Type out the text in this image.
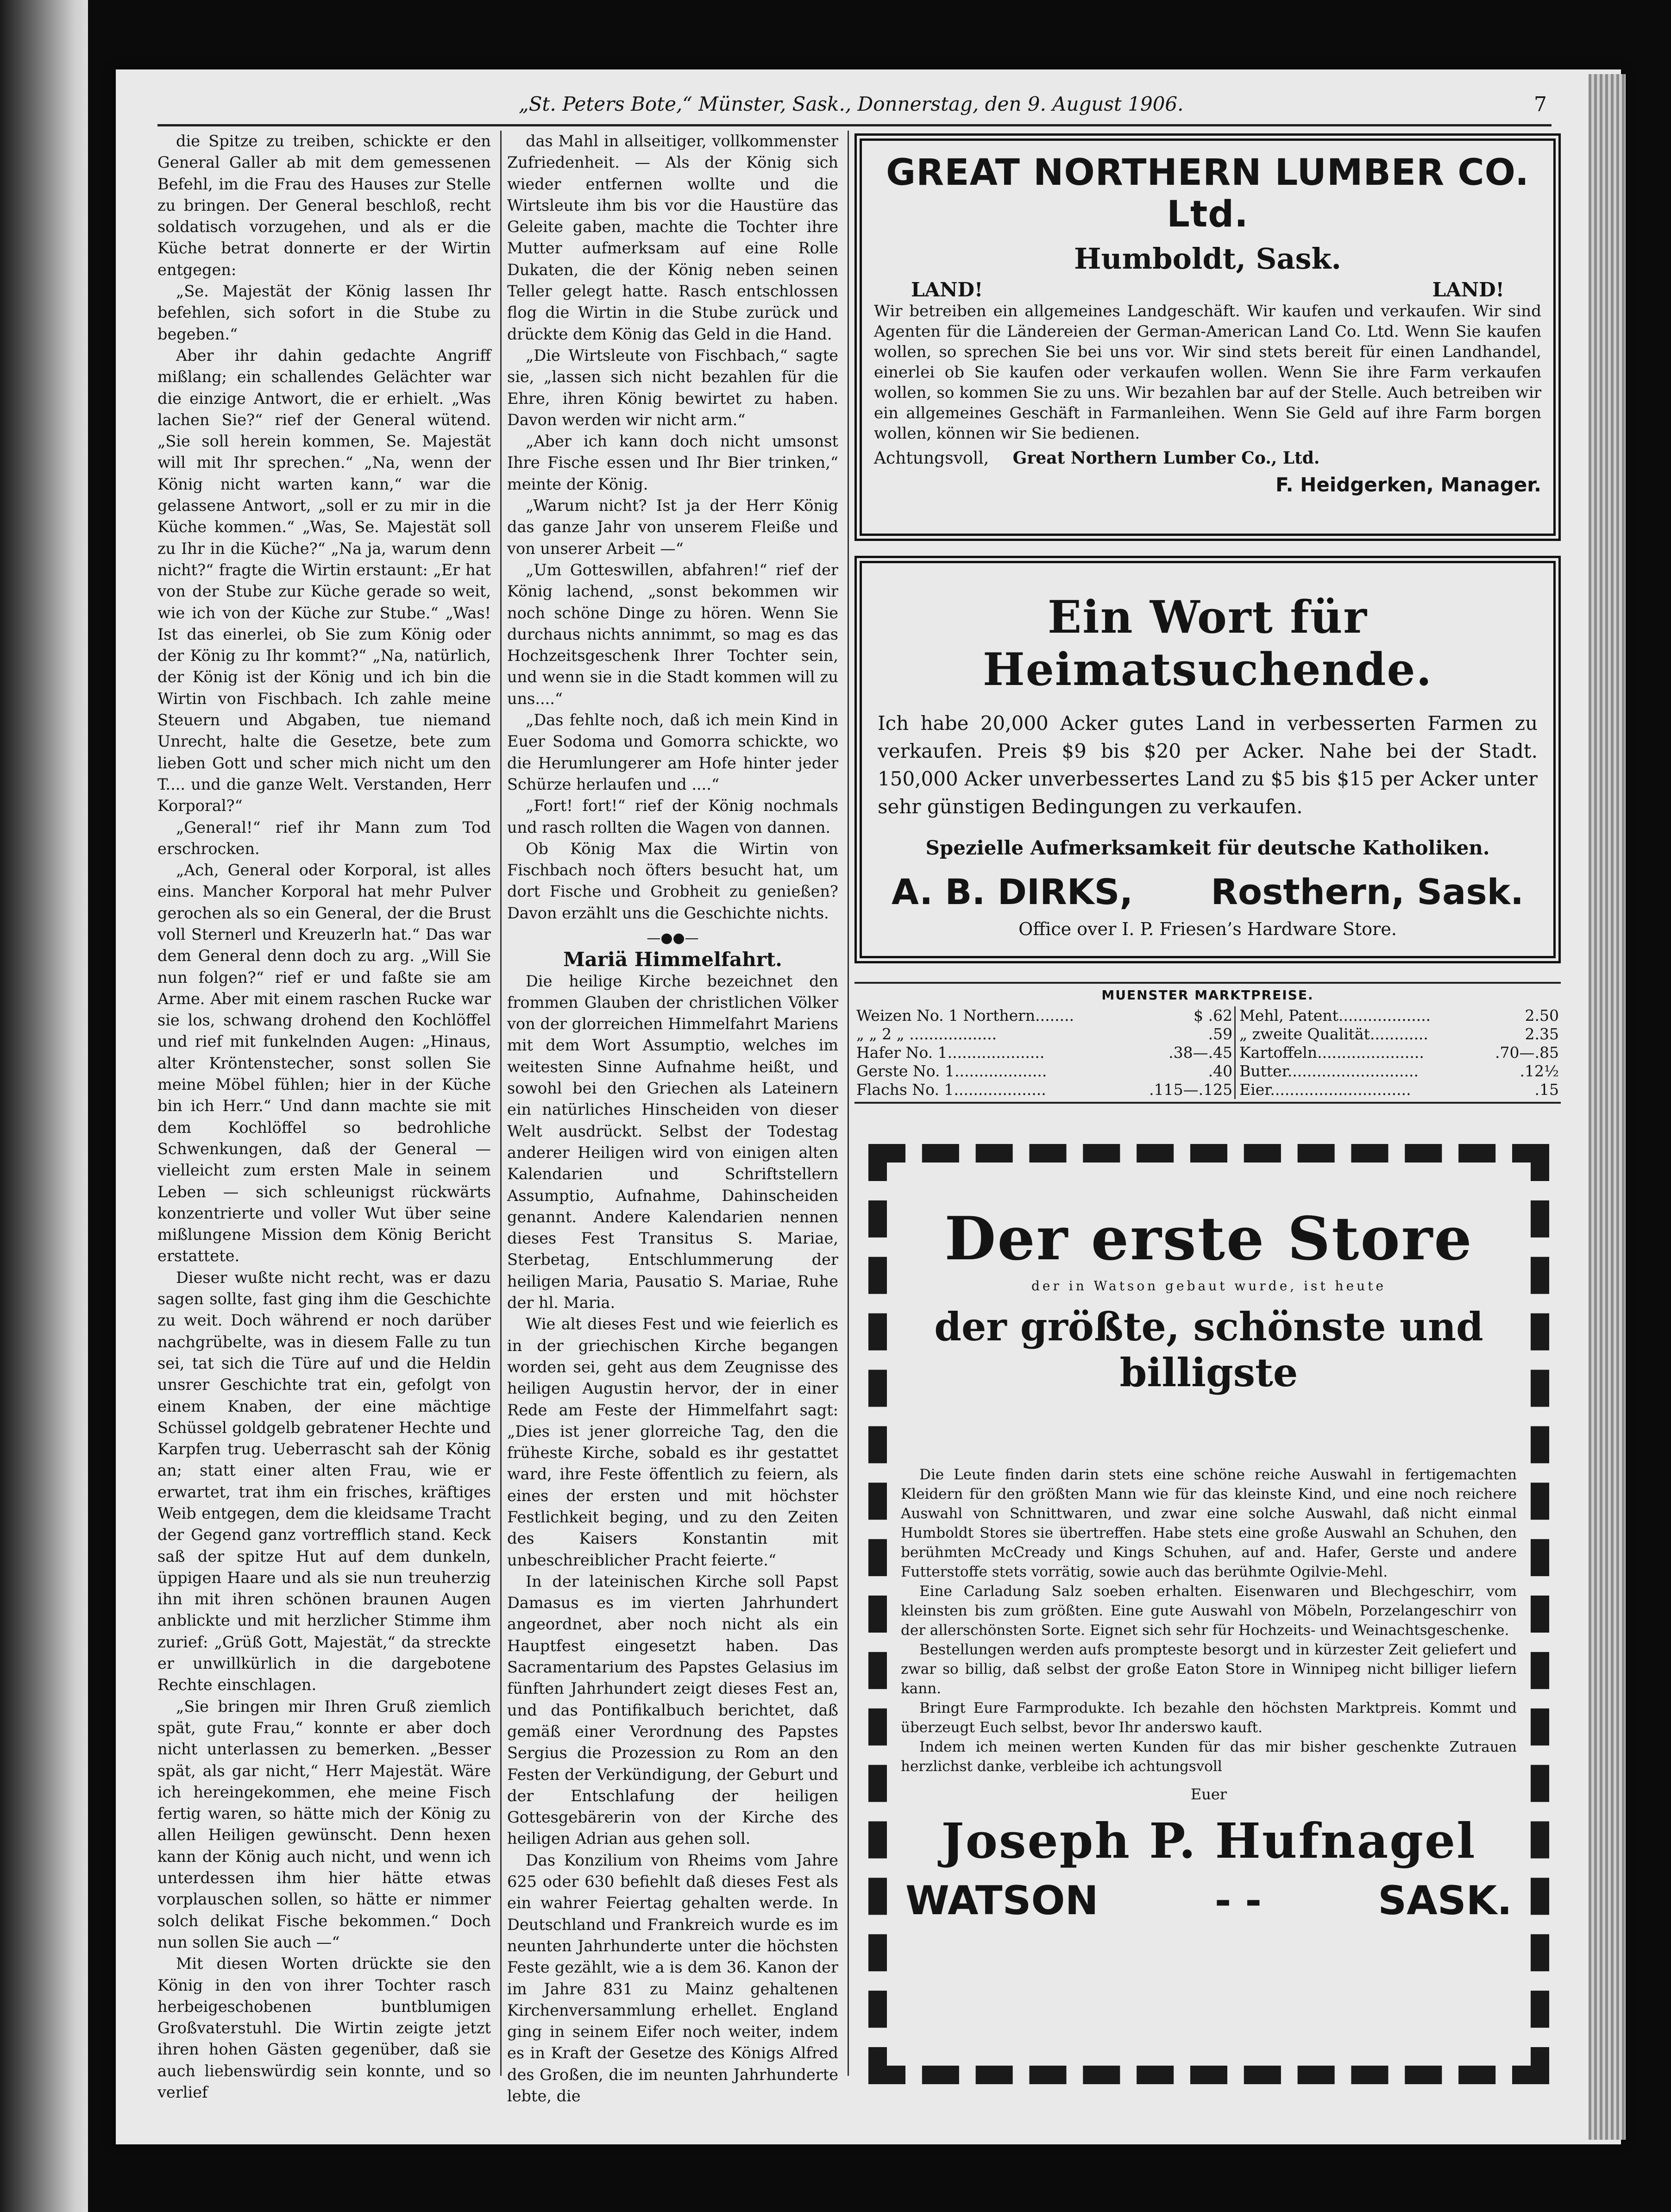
„St. Peters Bote,“ Münster, Sask., Donnerstag, den 9. August 1906.	7

die Spitze zu treiben, schickte er den General Galler ab mit dem gemessenen Befehl, im die Frau des Hauses zur Stelle zu bringen. Der General beschloß, recht soldatisch vorzugehen, und als er die Küche betrat donnerte er der Wirtin entgegen:

„Se. Majestät der König lassen Ihr befehlen, sich sofort in die Stube zu begeben.“

Aber ihr dahin gedachte Angriff mißlang; ein schallendes Gelächter war die einzige Antwort, die er erhielt. „Was lachen Sie?“ rief der General wütend. „Sie soll herein kommen, Se. Majestät will mit Ihr sprechen.“ „Na, wenn der König nicht warten kann,“ war die gelassene Antwort, „soll er zu mir in die Küche kommen.“ „Was, Se. Majestät soll zu Ihr in die Küche?“ „Na ja, warum denn nicht?“ fragte die Wirtin erstaunt: „Er hat von der Stube zur Küche gerade so weit, wie ich von der Küche zur Stube.“ „Was! Ist das einerlei, ob Sie zum König oder der König zu Ihr kommt?“ „Na, natürlich, der König ist der König und ich bin die Wirtin von Fischbach. Ich zahle meine Steuern und Abgaben, tue niemand Unrecht, halte die Gesetze, bete zum lieben Gott und scher mich nicht um den T.... und die ganze Welt. Verstanden, Herr Korporal?“

„General!“ rief ihr Mann zum Tod erschrocken.

„Ach, General oder Korporal, ist alles eins. Mancher Korporal hat mehr Pulver gerochen als so ein General, der die Brust voll Sternerl und Kreuzerln hat.“ Das war dem General denn doch zu arg. „Will Sie nun folgen?“ rief er und faßte sie am Arme. Aber mit einem raschen Rucke war sie los, schwang drohend den Kochlöffel und rief mit funkelnden Augen: „Hinaus, alter Kröntenstecher, sonst sollen Sie meine Möbel fühlen; hier in der Küche bin ich Herr.“ Und dann machte sie mit dem Kochlöffel so bedrohliche Schwenkungen, daß der General — vielleicht zum ersten Male in seinem Leben — sich schleunigst rückwärts konzentrierte und voller Wut über seine mißlungene Mission dem König Bericht erstattete.

Dieser wußte nicht recht, was er dazu sagen sollte, fast ging ihm die Geschichte zu weit. Doch während er noch darüber nachgrübelte, was in diesem Falle zu tun sei, tat sich die Türe auf und die Heldin unsrer Geschichte trat ein, gefolgt von einem Knaben, der eine mächtige Schüssel goldgelb gebratener Hechte und Karpfen trug. Ueberrascht sah der König an; statt einer alten Frau, wie er erwartet, trat ihm ein frisches, kräftiges Weib entgegen, dem die kleidsame Tracht der Gegend ganz vortrefflich stand. Keck saß der spitze Hut auf dem dunkeln, üppigen Haare und als sie nun treuherzig ihn mit ihren schönen braunen Augen anblickte und mit herzlicher Stimme ihm zurief: „Grüß Gott, Majestät,“ da streckte er unwillkürlich in die dargebotene Rechte einschlagen.

„Sie bringen mir Ihren Gruß ziemlich spät, gute Frau,“ konnte er aber doch nicht unterlassen zu bemerken. „Besser spät, als gar nicht,“ Herr Majestät. Wäre ich hereingekommen, ehe meine Fisch fertig waren, so hätte mich der König zu allen Heiligen gewünscht. Denn hexen kann der König auch nicht, und wenn ich unterdessen ihm hier hätte etwas vorplauschen sollen, so hätte er nimmer solch delikat Fische bekommen.“ Doch nun sollen Sie auch —“

Mit diesen Worten drückte sie den König in den von ihrer Tochter rasch herbeigeschobenen buntblumigen Großvaterstuhl. Die Wirtin zeigte jetzt ihren hohen Gästen gegenüber, daß sie auch liebenswürdig sein konnte, und so verlief

das Mahl in allseitiger, vollkommenster Zufriedenheit. — Als der König sich wieder entfernen wollte und die Wirtsleute ihm bis vor die Haustüre das Geleite gaben, machte die Tochter ihre Mutter aufmerksam auf eine Rolle Dukaten, die der König neben seinen Teller gelegt hatte. Rasch entschlossen flog die Wirtin in die Stube zurück und drückte dem König das Geld in die Hand.

„Die Wirtsleute von Fischbach,“ sagte sie, „lassen sich nicht bezahlen für die Ehre, ihren König bewirtet zu haben. Davon werden wir nicht arm.“

„Aber ich kann doch nicht umsonst Ihre Fische essen und Ihr Bier trinken,“ meinte der König.

„Warum nicht? Ist ja der Herr König das ganze Jahr von unserem Fleiße und von unserer Arbeit —“

„Um Gotteswillen, abfahren!“ rief der König lachend, „sonst bekommen wir noch schöne Dinge zu hören. Wenn Sie durchaus nichts annimmt, so mag es das Hochzeitsgeschenk Ihrer Tochter sein, und wenn sie in die Stadt kommen will zu uns....“

„Das fehlte noch, daß ich mein Kind in Euer Sodoma und Gomorra schickte, wo die Herumlungerer am Hofe hinter jeder Schürze herlaufen und ....“

„Fort! fort!“ rief der König nochmals und rasch rollten die Wagen von dannen.

Ob König Max die Wirtin von Fischbach noch öfters besucht hat, um dort Fische und Grobheit zu genießen? Davon erzählt uns die Geschichte nichts.

—●●—

Mariä Himmelfahrt.

Die heilige Kirche bezeichnet den frommen Glauben der christlichen Völker von der glorreichen Himmelfahrt Mariens mit dem Wort Assumptio, welches im weitesten Sinne Aufnahme heißt, und sowohl bei den Griechen als Lateinern ein natürliches Hinscheiden von dieser Welt ausdrückt. Selbst der Todestag anderer Heiligen wird von einigen alten Kalendarien und Schriftstellern Assumptio, Aufnahme, Dahinscheiden genannt. Andere Kalendarien nennen dieses Fest Transitus S. Mariae, Sterbetag, Entschlummerung der heiligen Maria, Pausatio S. Mariae, Ruhe der hl. Maria.

Wie alt dieses Fest und wie feierlich es in der griechischen Kirche begangen worden sei, geht aus dem Zeugnisse des heiligen Augustin hervor, der in einer Rede am Feste der Himmelfahrt sagt: „Dies ist jener glorreiche Tag, den die früheste Kirche, sobald es ihr gestattet ward, ihre Feste öffentlich zu feiern, als eines der ersten und mit höchster Festlichkeit beging, und zu den Zeiten des Kaisers Konstantin mit unbeschreiblicher Pracht feierte.“

In der lateinischen Kirche soll Papst Damasus es im vierten Jahrhundert angeordnet, aber noch nicht als ein Hauptfest eingesetzt haben. Das Sacramentarium des Papstes Gelasius im fünften Jahrhundert zeigt dieses Fest an, und das Pontifikalbuch berichtet, daß gemäß einer Verordnung des Papstes Sergius die Prozession zu Rom an den Festen der Verkündigung, der Geburt und der Entschlafung der heiligen Gottesgebärerin von der Kirche des heiligen Adrian aus gehen soll.

Das Konzilium von Rheims vom Jahre 625 oder 630 befiehlt daß dieses Fest als ein wahrer Feiertag gehalten werde. In Deutschland und Frankreich wurde es im neunten Jahrhunderte unter die höchsten Feste gezählt, wie a is dem 36. Kanon der im Jahre 831 zu Mainz gehaltenen Kirchenversammlung erhellet. England ging in seinem Eifer noch weiter, indem es in Kraft der Gesetze des Königs Alfred des Großen, die im neunten Jahrhunderte lebte, die

GREAT NORTHERN LUMBER CO. Ltd.
Humboldt, Sask.
LAND!	LAND!
Wir betreiben ein allgemeines Landgeschäft. Wir kaufen und verkaufen. Wir sind Agenten für die Ländereien der German-American Land Co. Ltd. Wenn Sie kaufen wollen, so sprechen Sie bei uns vor. Wir sind stets bereit für einen Landhandel, einerlei ob Sie kaufen oder verkaufen wollen. Wenn Sie ihre Farm verkaufen wollen, so kommen Sie zu uns. Wir bezahlen bar auf der Stelle. Auch betreiben wir ein allgemeines Geschäft in Farmanleihen. Wenn Sie Geld auf ihre Farm borgen wollen, können wir Sie bedienen.
Achtungsvoll, Great Northern Lumber Co., Ltd.
F. Heidgerken, Manager.
Ein Wort für Heimatsuchende.
Ich habe 20,000 Acker gutes Land in verbesserten Farmen zu verkaufen. Preis $9 bis $20 per Acker. Nahe bei der Stadt. 150,000 Acker unverbessertes Land zu $5 bis $15 per Acker unter sehr günstigen Bedingungen zu verkaufen.
Spezielle Aufmerksamkeit für deutsche Katholiken.
A. B. DIRKS, Rosthern, Sask.
Office over I. P. Friesen’s Hardware Store.
MUENSTER MARKTPREISE.
Weizen No. 1 Northern........	$ .62		Mehl, Patent...................	2.50
„ „ 2 „ ..................	.59		„ zweite Qualität............	2.35
Hafer No. 1....................	.38—.45		Kartoffeln......................	.70—.85
Gerste No. 1...................	.40		Butter...........................	.12½
Flachs No. 1...................	.115—.125		Eier.............................	.15
Der erste Store
der in Watson gebaut wurde, ist heute
der größte, schönste und billigste

Die Leute finden darin stets eine schöne reiche Auswahl in fertigemachten Kleidern für den größten Mann wie für das kleinste Kind, und eine noch reichere Auswahl von Schnittwaren, und zwar eine solche Auswahl, daß nicht einmal Humboldt Stores sie übertreffen. Habe stets eine große Auswahl an Schuhen, den berühmten McCready und Kings Schuhen, auf and. Hafer, Gerste und andere Futterstoffe stets vorrätig, sowie auch das berühmte Ogilvie-Mehl.

Eine Carladung Salz soeben erhalten. Eisenwaren und Blechgeschirr, vom kleinsten bis zum größten. Eine gute Auswahl von Möbeln, Porzelangeschirr von der allerschönsten Sorte. Eignet sich sehr für Hochzeits- und Weinachtsgeschenke.

Bestellungen werden aufs prompteste besorgt und in kürzester Zeit geliefert und zwar so billig, daß selbst der große Eaton Store in Winnipeg nicht billiger liefern kann.

Bringt Eure Farmprodukte. Ich bezahle den höchsten Marktpreis. Kommt und überzeugt Euch selbst, bevor Ihr anderswo kauft.

Indem ich meinen werten Kunden für das mir bisher geschenkte Zutrauen herzlichst danke, verbleibe ich achtungsvoll

Euer
Joseph P. Hufnagel
WATSON	- -	SASK.
